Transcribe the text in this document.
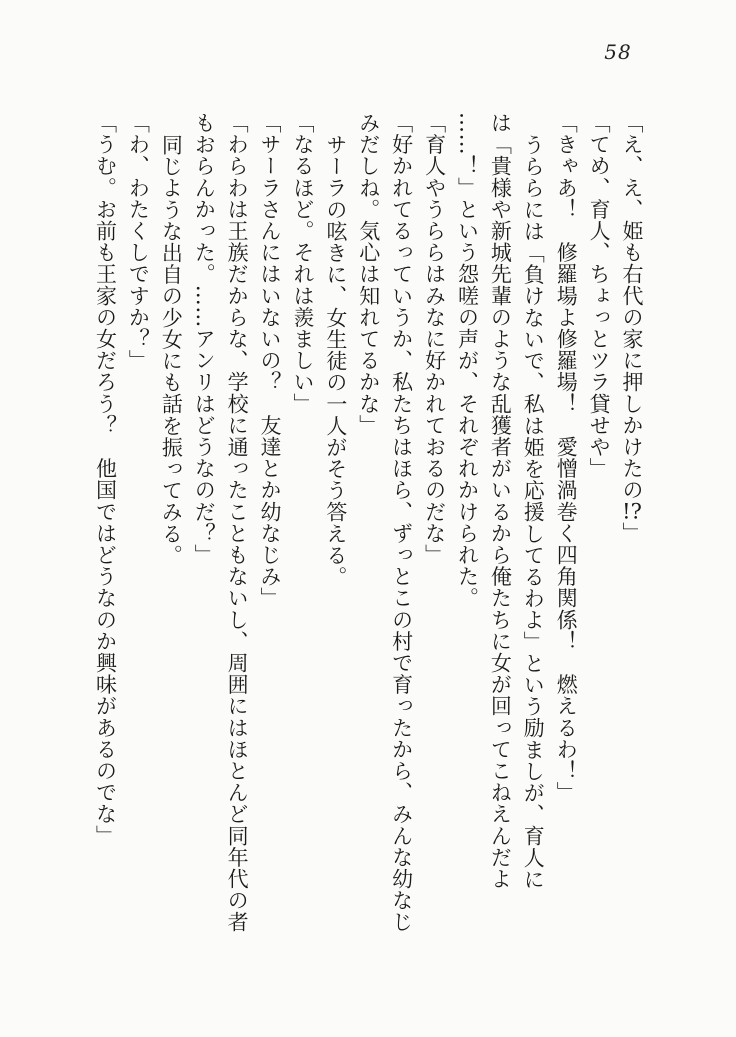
58
「え、え、姫も右代の家に押しかけたの!?」
「てめ、育人、ちょっとツラ貸せや」
「きゃあ！　修羅場よ修羅場！　愛憎渦巻く四角関係！　燃えるわ！」
うららには「負けないで、私は姫を応援してるわよ」という励ましが、育人に
は「貴様や新城先輩のような乱獲者がいるから俺たちに女が回ってこねえんだよ
……！」という怨嗟の声が、それぞれかけられた。
「育人やうららはみなに好かれておるのだな」
「好かれてるっていうか、私たちはほら、ずっとこの村で育ったから、みんな幼なじ
みだしね。気心は知れてるかな」
サーラの呟きに、女生徒の一人がそう答える。
「なるほど。それは羨ましい」
「サーラさんにはいないの？　友達とか幼なじみ」
「わらわは王族だからな、学校に通ったこともないし、周囲にはほとんど同年代の者
もおらんかった。……アンリはどうなのだ？」
同じような出自の少女にも話を振ってみる。
「わ、わたくしですか？」
「うむ。お前も王家の女だろう？　他国ではどうなのか興味があるのでな」
